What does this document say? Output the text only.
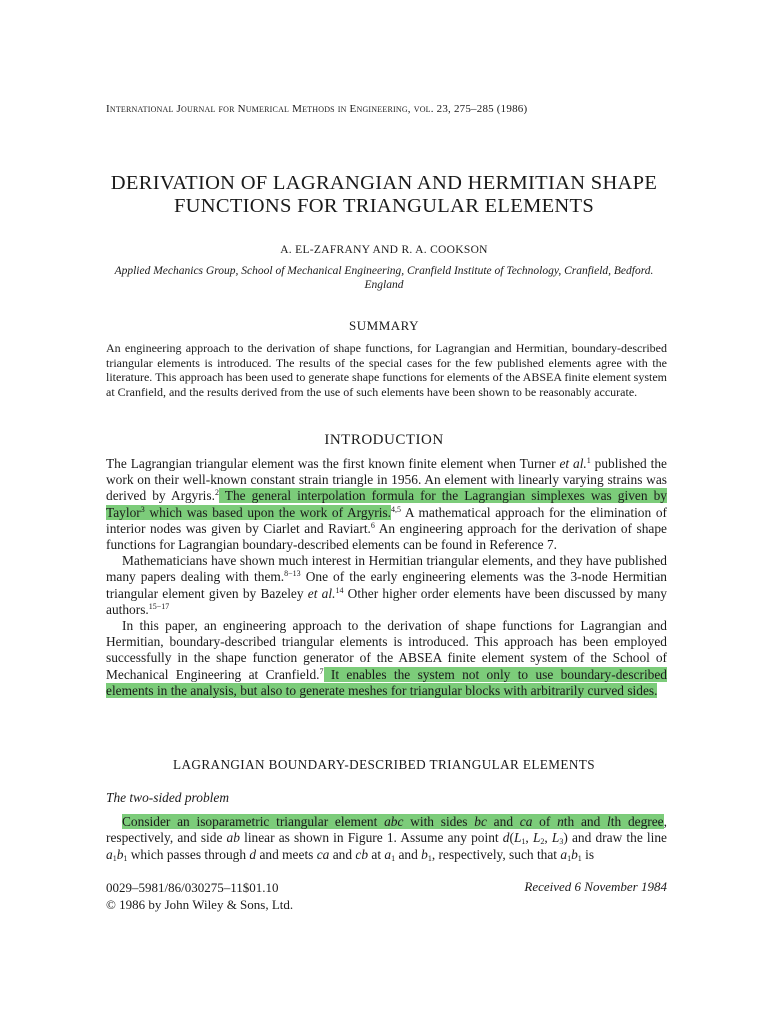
International Journal for Numerical Methods in Engineering, vol. 23, 275–285 (1986)
DERIVATION OF LAGRANGIAN AND HERMITIAN SHAPE
FUNCTIONS FOR TRIANGULAR ELEMENTS
A. EL-ZAFRANY AND R. A. COOKSON
Applied Mechanics Group, School of Mechanical Engineering, Cranfield Institute of Technology, Cranfield, Bedford.
England
SUMMARY
An engineering approach to the derivation of shape functions, for Lagrangian and Hermitian, boundary-described triangular elements is introduced. The results of the special cases for the few published elements agree with the literature. This approach has been used to generate shape functions for elements of the ABSEA finite element system at Cranfield, and the results derived from the use of such elements have been shown to be reasonably accurate.
INTRODUCTION

The Lagrangian triangular element was the first known finite element when Turner et al.$^1$ published the work on their well-known constant strain triangle in 1956. An element with linearly varying strains was derived by Argyris.$^2$ The general interpolation formula for the Lagrangian simplexes was given by Taylor$^3$ which was based upon the work of Argyris.$^{4,5}$ A mathematical approach for the elimination of interior nodes was given by Ciarlet and Raviart.$^6$ An engineering approach for the derivation of shape functions for Lagrangian boundary-described elements can be found in Reference 7.

Mathematicians have shown much interest in Hermitian triangular elements, and they have published many papers dealing with them.$^{8-13}$ One of the early engineering elements was the 3-node Hermitian triangular element given by Bazeley et al.$^{14}$ Other higher order elements have been discussed by many authors.$^{15-17}$

In this paper, an engineering approach to the derivation of shape functions for Lagrangian and Hermitian, boundary-described triangular elements is introduced. This approach has been employed successfully in the shape function generator of the ABSEA finite element system of the School of Mechanical Engineering at Cranfield.$^7$ It enables the system not only to use boundary-described elements in the analysis, but also to generate meshes for triangular blocks with arbitrarily curved sides.

LAGRANGIAN BOUNDARY-DESCRIBED TRIANGULAR ELEMENTS
The two-sided problem

Consider an isoparametric triangular element abc with sides bc and ca of nth and lth degree, respectively, and side ab linear as shown in Figure 1. Assume any point $d(L_1$, $L_2$, $L_3$) and draw the line $a_1b_1$ which passes through d and meets ca and cb at $a_1$ and $b_1$, respectively, such that $a_1b_1$ is

0029–5981/86/030275–11$01.10
© 1986 by John Wiley & Sons, Ltd.
Received 6 November 1984
